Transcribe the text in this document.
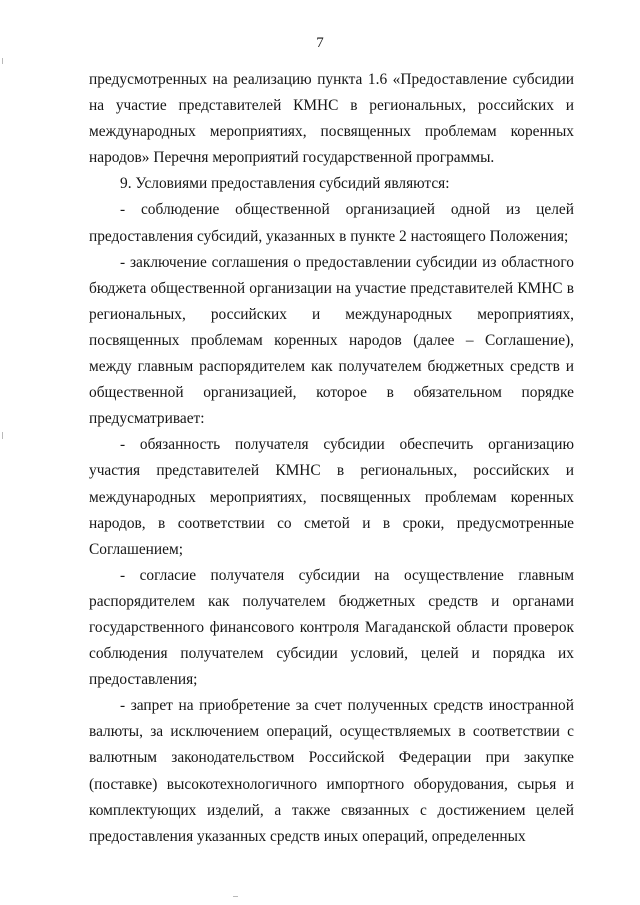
7

предусмотренных на реализацию пункта 1.6 «Предоставление субсидии на участие представителей КМНС в региональных, российских и международных мероприятиях, посвященных проблемам коренных народов» Перечня мероприятий государственной программы.

9. Условиями предоставления субсидий являются:

- соблюдение общественной организацией одной из целей предоставления субсидий, указанных в пункте 2 настоящего Положения;

- заключение соглашения о предоставлении субсидии из областного бюджета общественной организации на участие представителей КМНС в региональных, российских и международных мероприятиях, посвященных проблемам коренных народов (далее – Соглашение), между главным распорядителем как получателем бюджетных средств и общественной организацией, которое в обязательном порядке предусматривает:

- обязанность получателя субсидии обеспечить организацию участия представителей КМНС в региональных, российских и международных мероприятиях, посвященных проблемам коренных народов, в соответствии со сметой и в сроки, предусмотренные Соглашением;

- согласие получателя субсидии на осуществление главным распорядителем как получателем бюджетных средств и органами государственного финансового контроля Магаданской области проверок соблюдения получателем субсидии условий, целей и порядка их предоставления;

- запрет на приобретение за счет полученных средств иностранной валюты, за исключением операций, осуществляемых в соответствии с валютным законодательством Российской Федерации при закупке (поставке) высокотехнологичного импортного оборудования, сырья и комплектующих изделий, а также связанных с достижением целей предоставления указанных средств иных операций, определенных
